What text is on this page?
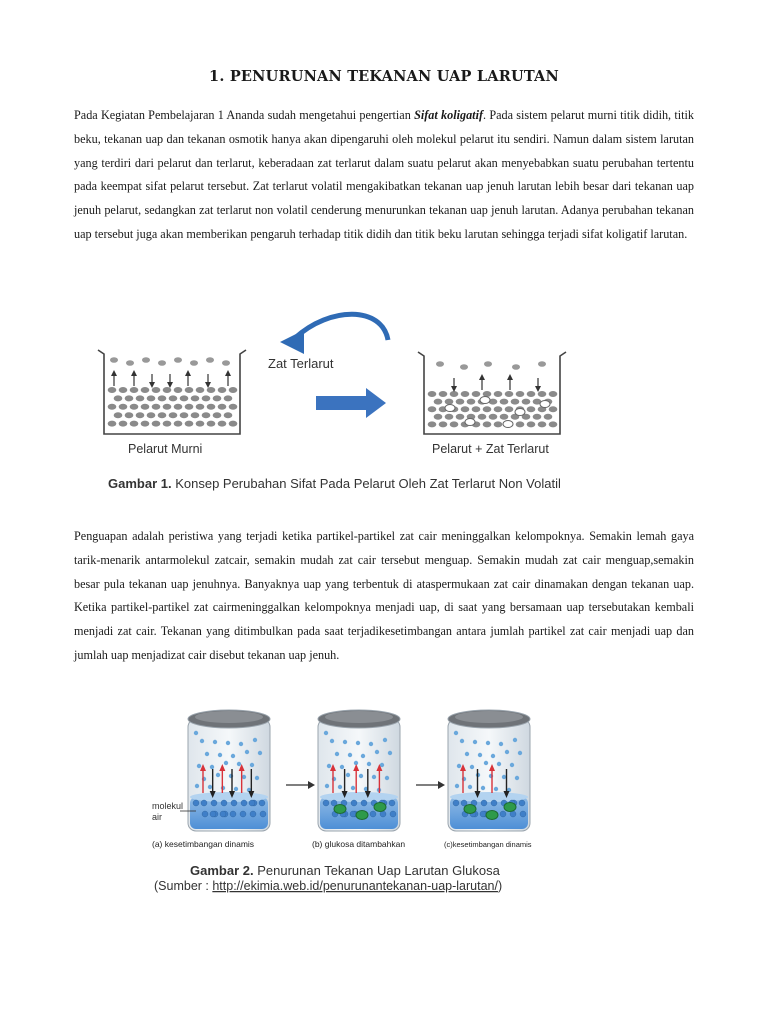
1. PENURUNAN TEKANAN UAP LARUTAN
Pada Kegiatan Pembelajaran 1 Ananda sudah mengetahui pengertian Sifat koligatif. Pada sistem pelarut murni titik didih, titik beku, tekanan uap dan tekanan osmotik hanya akan dipengaruhi oleh molekul pelarut itu sendiri. Namun dalam sistem larutan yang terdiri dari pelarut dan terlarut, keberadaan zat terlarut dalam suatu pelarut akan menyebabkan suatu perubahan tertentu pada keempat sifat pelarut tersebut. Zat terlarut volatil mengakibatkan tekanan uap jenuh larutan lebih besar dari tekanan uap jenuh pelarut, sedangkan zat terlarut non volatil cenderung menurunkan tekanan uap jenuh larutan. Adanya perubahan tekanan uap tersebut juga akan memberikan pengaruh terhadap titik didih dan titik beku larutan sehingga terjadi sifat koligatif larutan.
Zat Terlarut
Pelarut Murni	Pelarut + Zat Terlarut
Gambar 1. Konsep Perubahan Sifat Pada Pelarut Oleh Zat Terlarut Non Volatil
Penguapan adalah peristiwa yang terjadi ketika partikel-partikel zat cair meninggalkan kelompoknya. Semakin lemah gaya tarik-menarik antarmolekul zatcair, semakin mudah zat cair tersebut menguap. Semakin mudah zat cair menguap,semakin besar pula tekanan uap jenuhnya. Banyaknya uap yang terbentuk di ataspermukaan zat cair dinamakan dengan tekanan uap. Ketika partikel-partikel zat cairmeninggalkan kelompoknya menjadi uap, di saat yang bersamaan uap tersebutakan kembali menjadi zat cair. Tekanan yang ditimbulkan pada saat terjadikesetimbangan antara jumlah partikel zat cair menjadi uap dan jumlah uap menjadizat cair disebut tekanan uap jenuh.
molekul
air
(a) kesetimbangan dinamis	(b) glukosa ditambahkan	(c)kesetimbangan dinamis
Gambar 2. Penurunan Tekanan Uap Larutan Glukosa
(Sumber : http://ekimia.web.id/penurunantekanan-uap-larutan/)
